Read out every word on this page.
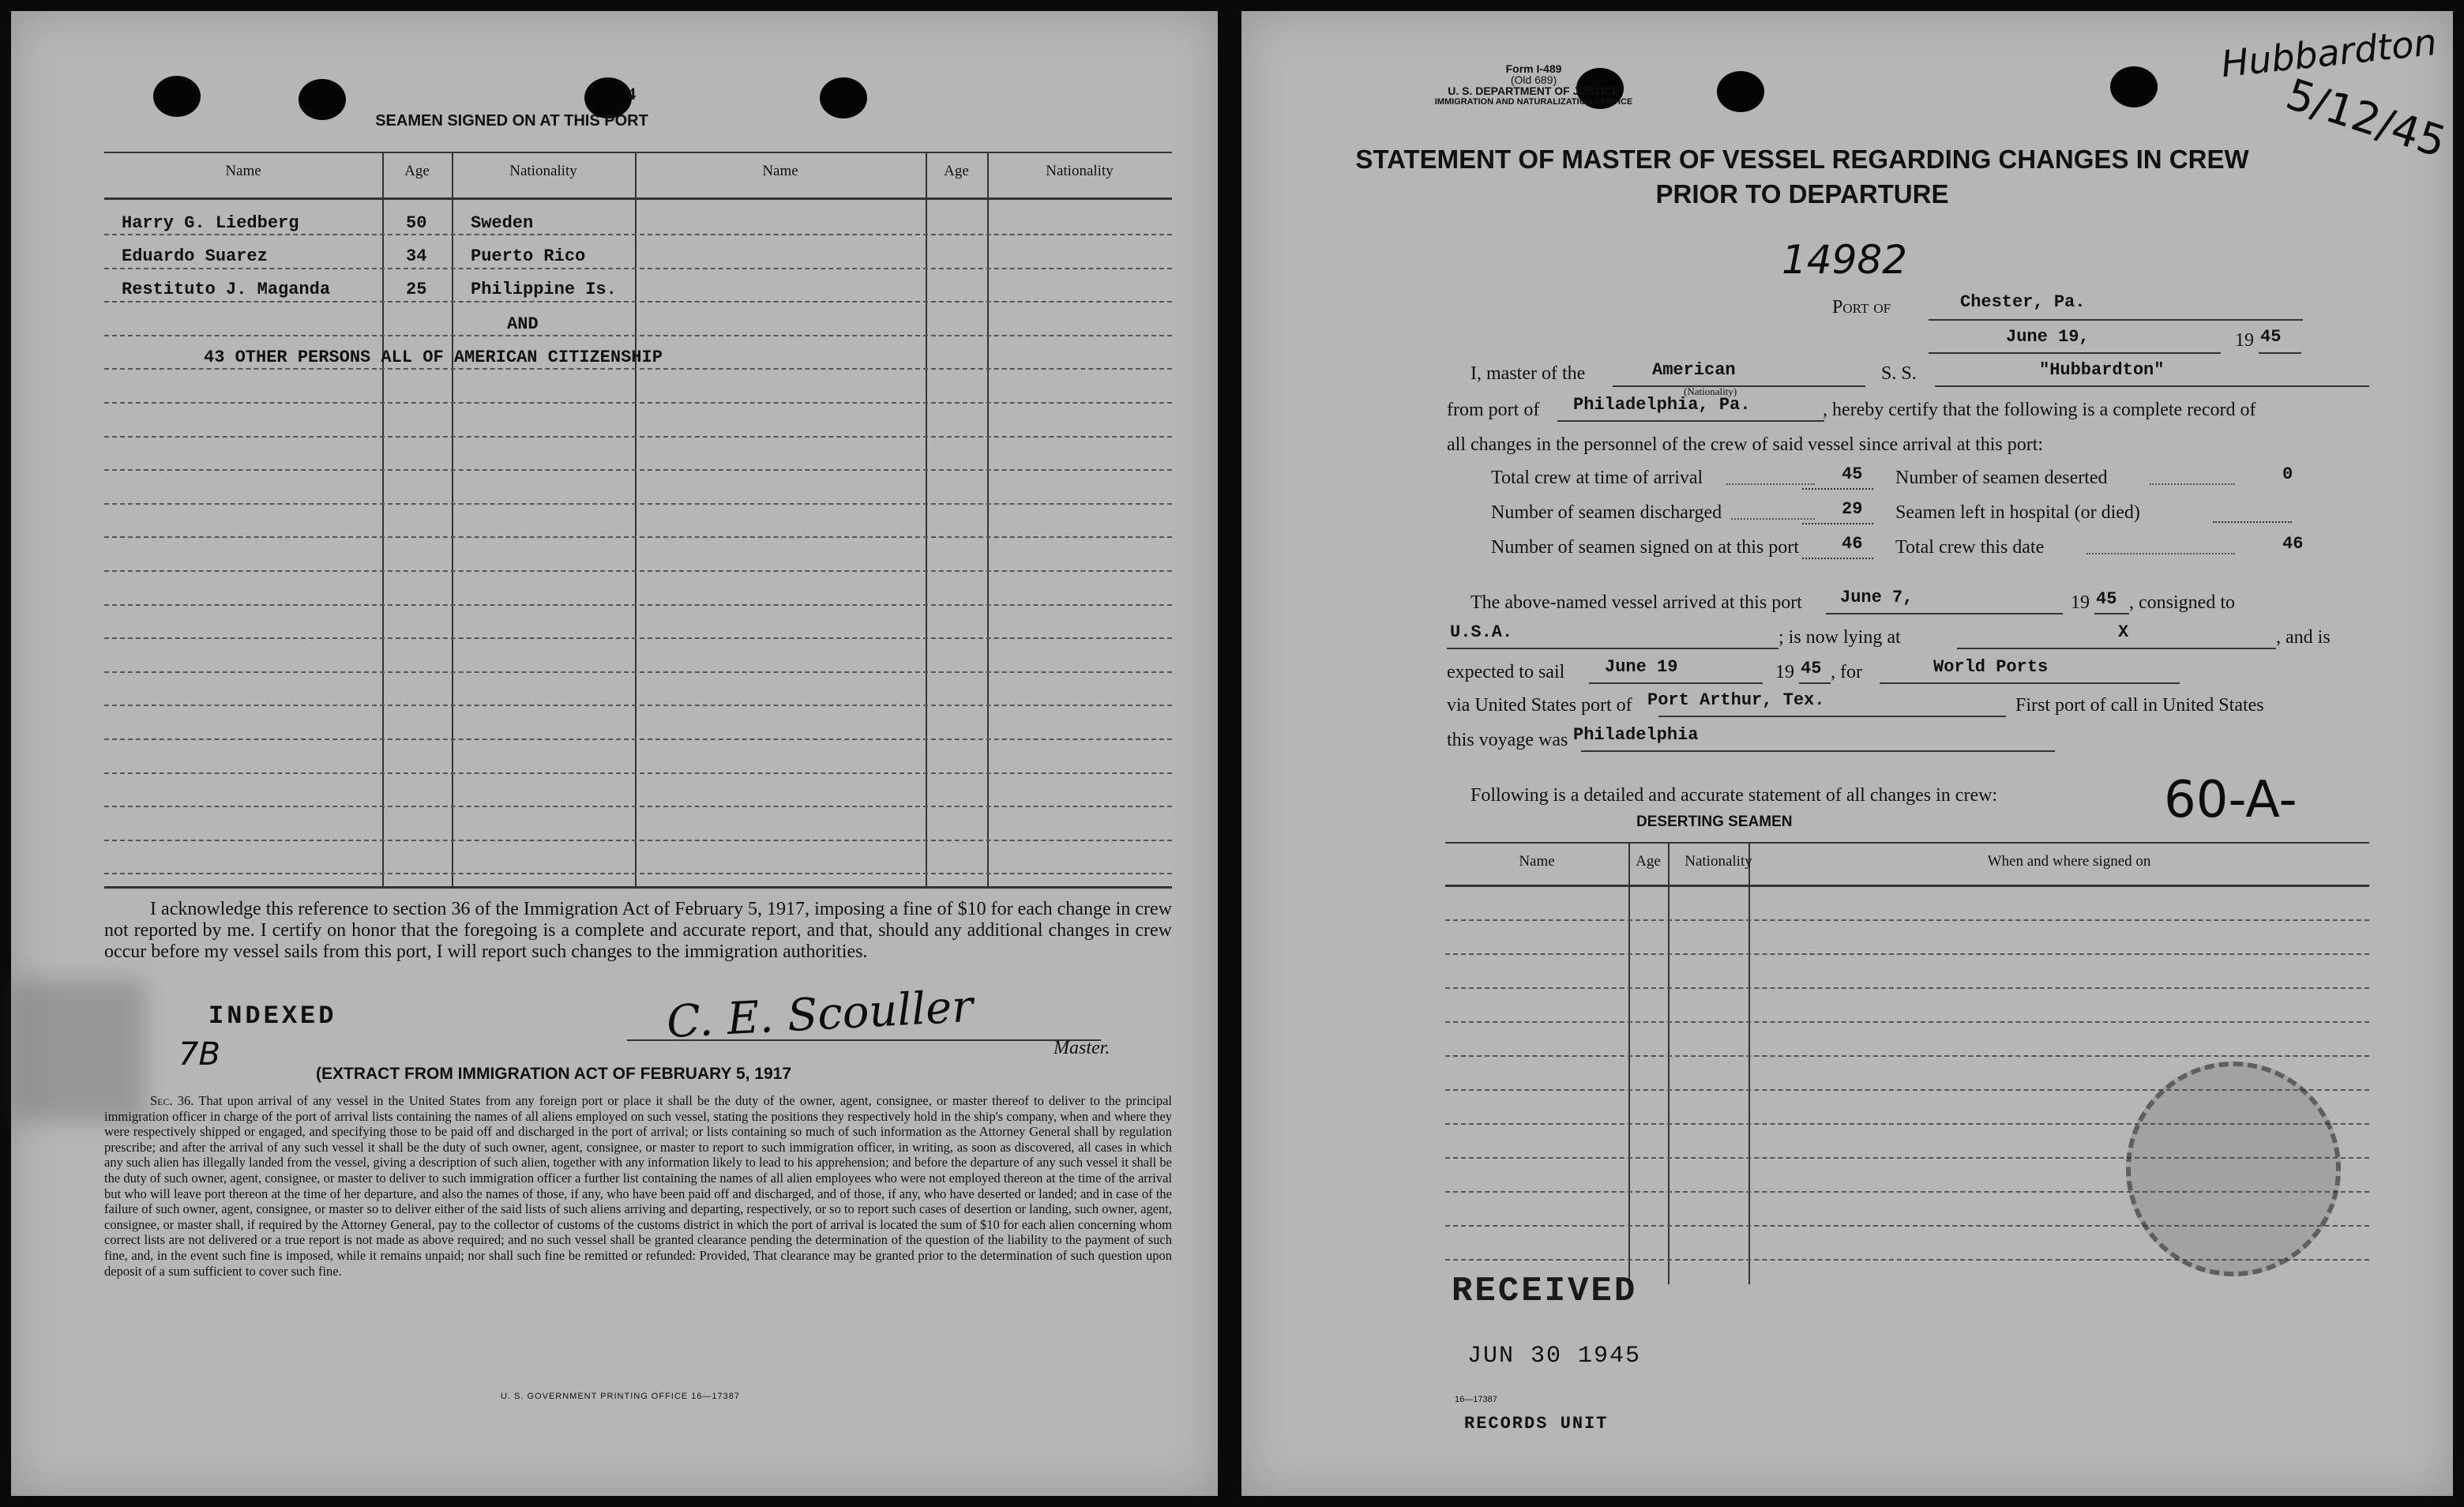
4
SEAMEN SIGNED ON AT THIS PORT
Name	Age	Nationality	Name	Age	Nationality
Harry G. Liedberg	50	Sweden
Eduardo Suarez	34	Puerto Rico
Restituto J. Maganda	25	Philippine Is.
AND
43 OTHER PERSONS ALL OF AMERICAN CITIZENSHIP
I acknowledge this reference to section 36 of the Immigration Act of February 5, 1917, imposing a fine of $10 for each change in crew not reported by me. I certify on honor that the foregoing is a complete and accurate report, and that, should any additional changes in crew occur before my vessel sails from this port, I will report such changes to the immigration authorities.
INDEXED
7B
C. E. Scouller	Master.
(EXTRACT FROM IMMIGRATION ACT OF FEBRUARY 5, 1917
Sec. 36. That upon arrival of any vessel in the United States from any foreign port or place it shall be the duty of the owner, agent, consignee, or master thereof to deliver to the principal immigration officer in charge of the port of arrival lists containing the names of all aliens employed on such vessel, stating the positions they respectively hold in the ship's company, when and where they were respectively shipped or engaged, and specifying those to be paid off and discharged in the port of arrival; or lists containing so much of such information as the Attorney General shall by regulation prescribe; and after the arrival of any such vessel it shall be the duty of such owner, agent, consignee, or master to report to such immigration officer, in writing, as soon as discovered, all cases in which any such alien has illegally landed from the vessel, giving a description of such alien, together with any information likely to lead to his apprehension; and before the departure of any such vessel it shall be the duty of such owner, agent, consignee, or master to deliver to such immigration officer a further list containing the names of all alien employees who were not employed thereon at the time of the arrival but who will leave port thereon at the time of her departure, and also the names of those, if any, who have been paid off and discharged, and of those, if any, who have deserted or landed; and in case of the failure of such owner, agent, consignee, or master so to deliver either of the said lists of such aliens arriving and departing, respectively, or so to report such cases of desertion or landing, such owner, agent, consignee, or master shall, if required by the Attorney General, pay to the collector of customs of the customs district in which the port of arrival is located the sum of $10 for each alien concerning whom correct lists are not delivered or a true report is not made as above required; and no such vessel shall be granted clearance pending the determination of the question of the liability to the payment of such fine, and, in the event such fine is imposed, while it remains unpaid; nor shall such fine be remitted or refunded: Provided, That clearance may be granted prior to the determination of such question upon deposit of a sum sufficient to cover such fine.
U. S. GOVERNMENT PRINTING OFFICE 16—17387
Form I-489
(Old 689)
U. S. DEPARTMENT OF JUSTICE
IMMIGRATION AND NATURALIZATION SERVICE
Hubbardton
5/12/45
STATEMENT OF MASTER OF VESSEL REGARDING CHANGES IN CREW
PRIOR TO DEPARTURE
14982
Port of	Chester, Pa.
June 19,	19 45
I, master of the	American	S. S.	"Hubbardton"
(Nationality)
from port of Philadelphia, Pa.	, hereby certify that the following is a complete record of
all changes in the personnel of the crew of said vessel since arrival at this port:
Total crew at time of arrival	45
Number of seamen discharged	29
Number of seamen signed on at this port 46
Number of seamen deserted	0
Seamen left in hospital (or died)
Total crew this date	46
The above-named vessel arrived at this port June 7,	19 45 , consigned to
U.S.A.	; is now lying at	X	, and is
expected to sail June 19	19 45 , for	World Ports
via United States port of Port Arthur, Tex.	First port of call in United States
this voyage was Philadelphia
Following is a detailed and accurate statement of all changes in crew:	60-A-
DESERTING SEAMEN
Name	Age	Nationality	When and where signed on
RECEIVED
JUN 30 1945
16—17387
RECORDS UNIT
